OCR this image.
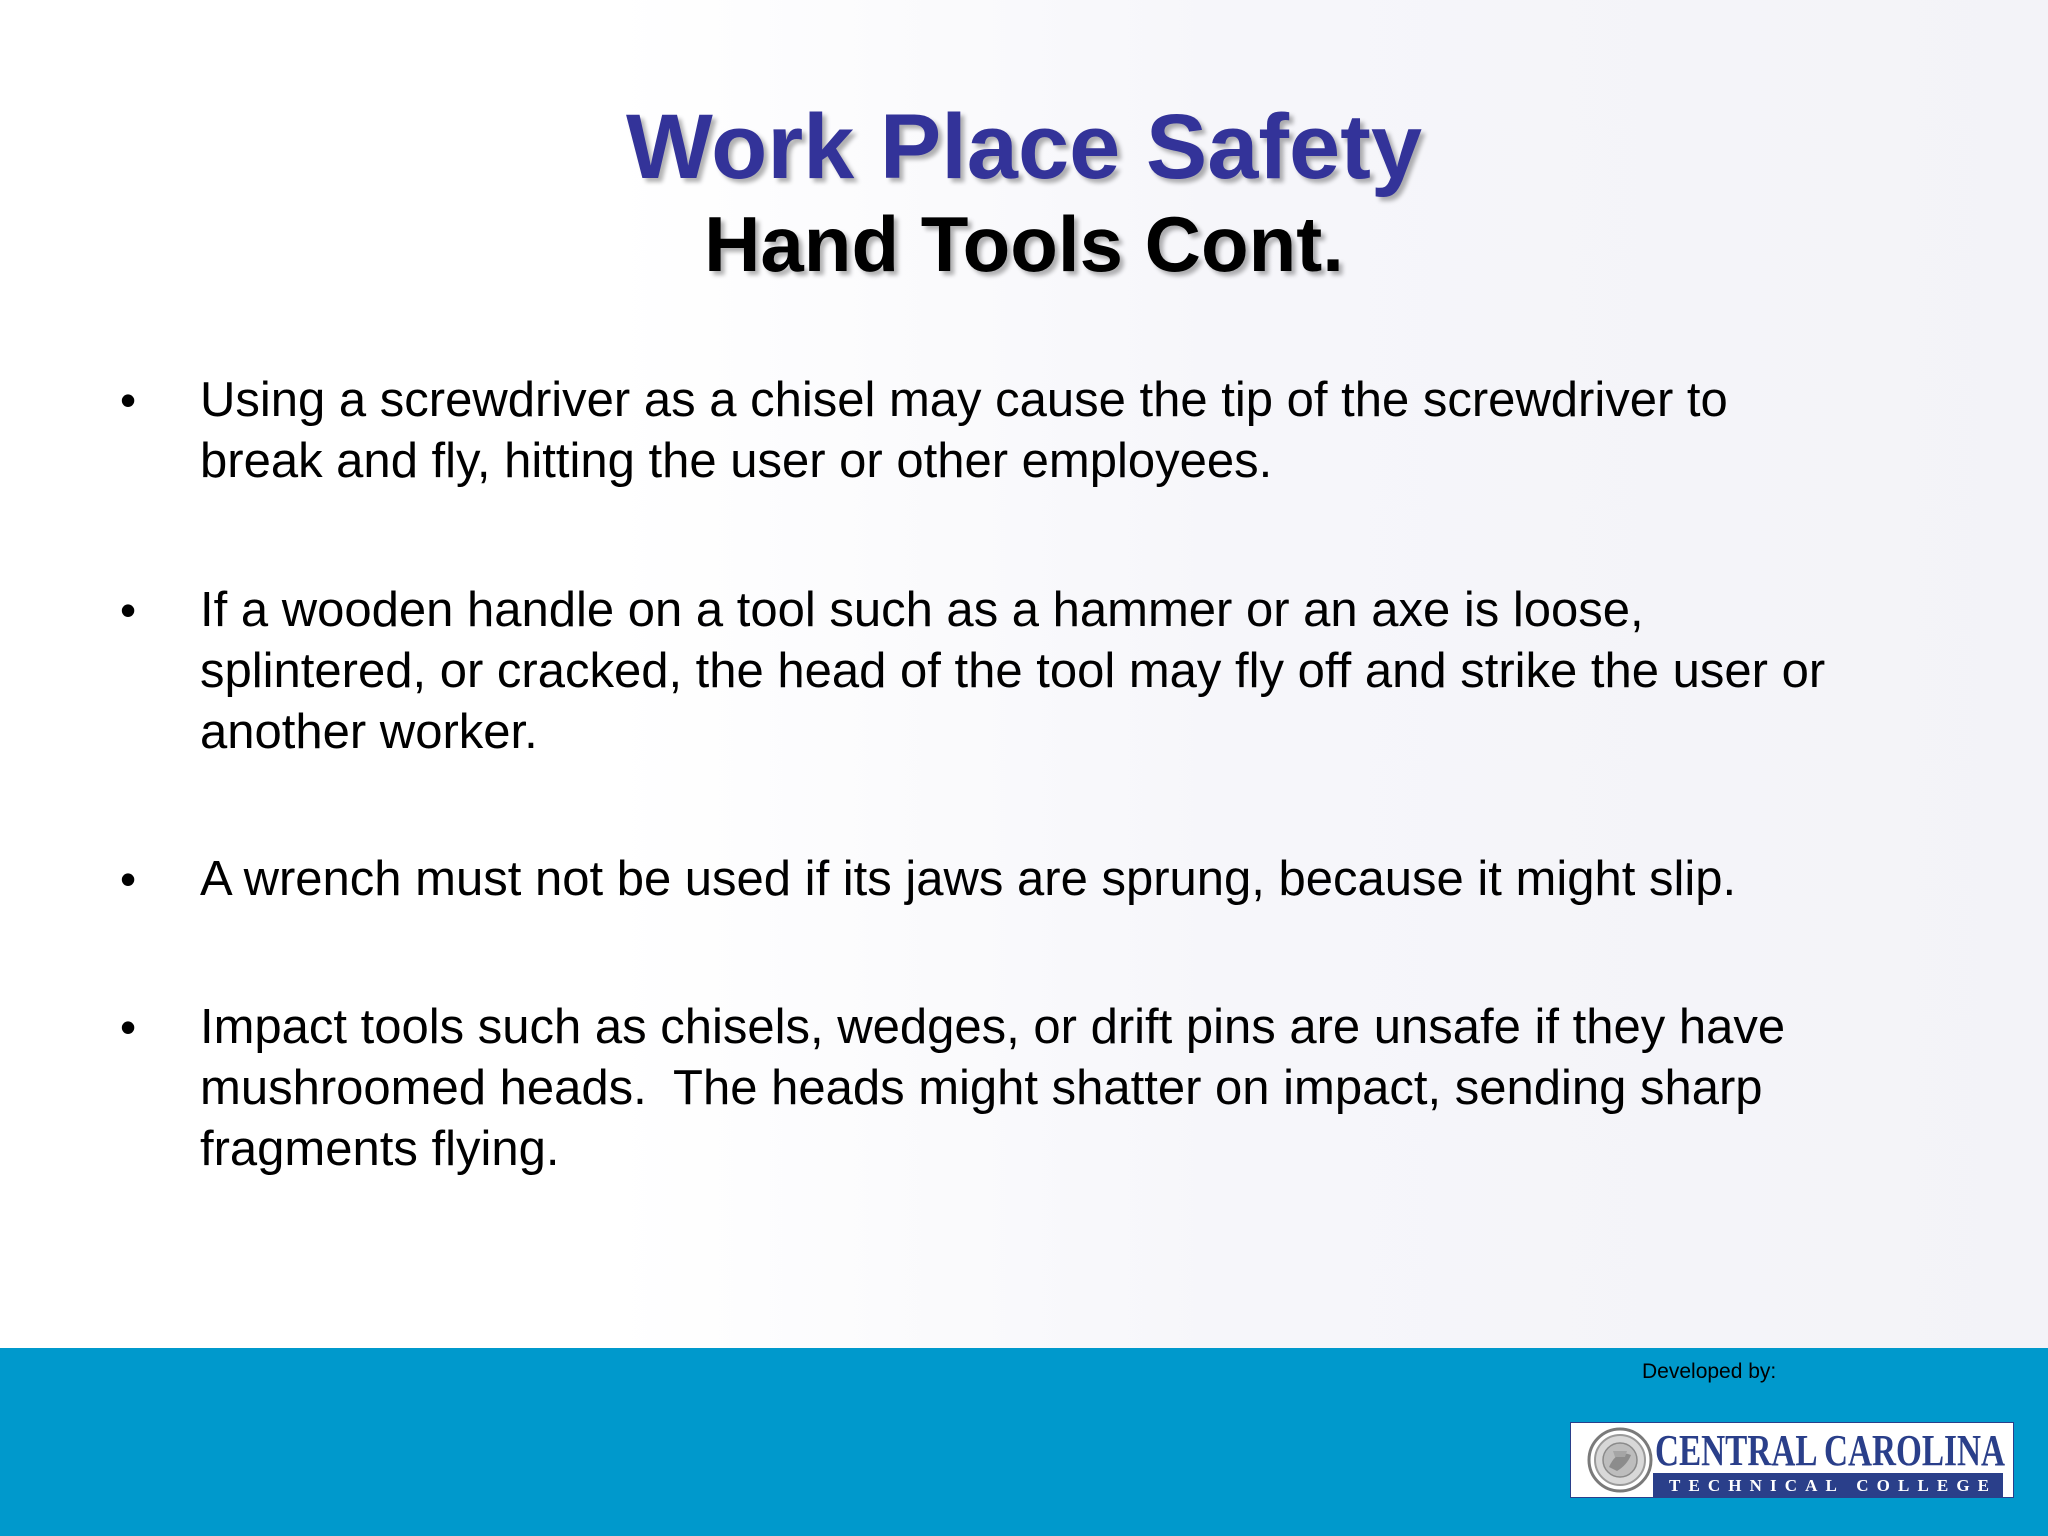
Work Place Safety
Hand Tools Cont.
•	Using a screwdriver as a chisel may cause the tip of the screwdriver to
break and fly, hitting the user or other employees.
•	If a wooden handle on a tool such as a hammer or an axe is loose,
splintered, or cracked, the head of the tool may fly off and strike the user or
another worker.
•	A wrench must not be used if its jaws are sprung, because it might slip.
•	Impact tools such as chisels, wedges, or drift pins are unsafe if they have
mushroomed heads.  The heads might shatter on impact, sending sharp
fragments flying.
Developed by:
CENTRAL CAROLINA
TECHNICAL COLLEGE
